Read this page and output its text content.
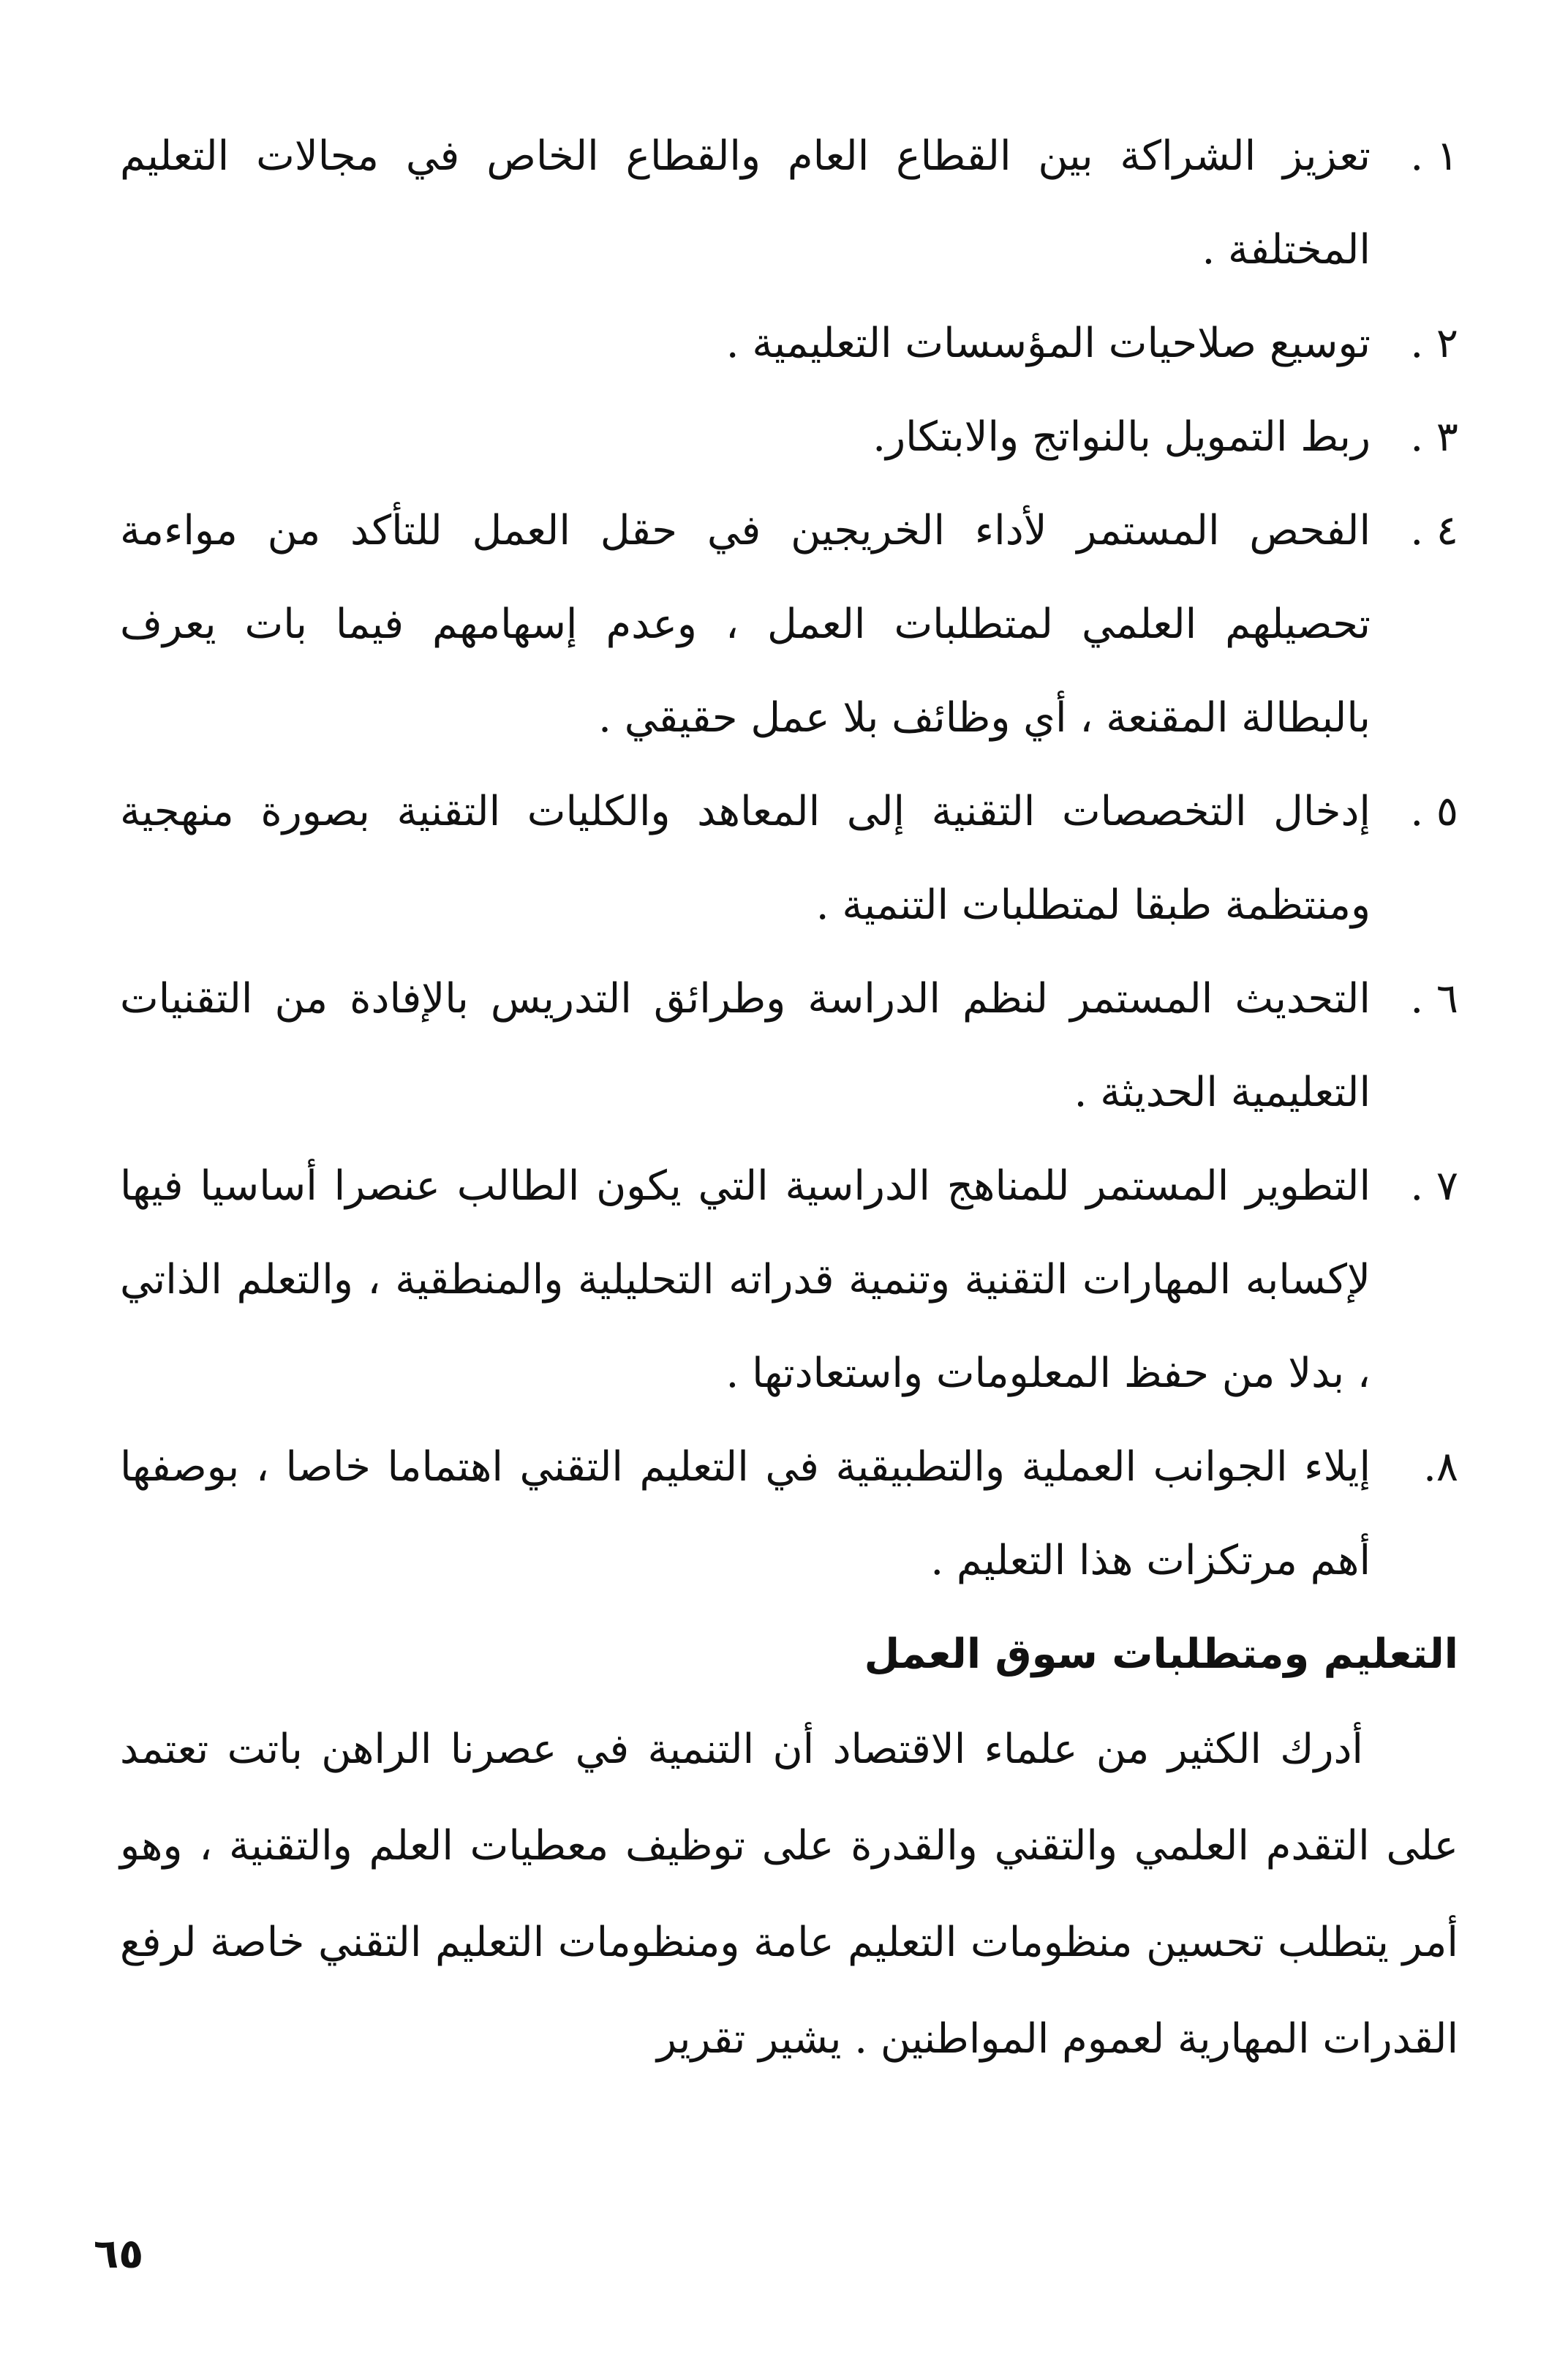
١ .
تعزيز الشراكة بين القطاع العام والقطاع الخاص في مجالات التعليم المختلفة .
٢ .
توسيع صلاحيات المؤسسات التعليمية .
٣ .
ربط التمويل بالنواتج والابتكار.
٤ .
الفحص المستمر لأداء الخريجين في حقل العمل للتأكد من مواءمة تحصيلهم العلمي لمتطلبات العمل ، وعدم إسهامهم فيما بات يعرف بالبطالة المقنعة ، أي وظائف بلا عمل حقيقي .
٥ .
إدخال التخصصات التقنية إلى المعاهد والكليات التقنية بصورة منهجية ومنتظمة طبقا لمتطلبات التنمية .
٦ .
التحديث المستمر لنظم الدراسة وطرائق التدريس بالإفادة من التقنيات التعليمية الحديثة .
٧ .
التطوير المستمر للمناهج الدراسية التي يكون الطالب عنصرا أساسيا فيها لإكسابه المهارات التقنية وتنمية قدراته التحليلية والمنطقية ، والتعلم الذاتي ، بدلا من حفظ المعلومات واستعادتها .
٨.
إيلاء الجوانب العملية والتطبيقية في التعليم التقني اهتماما خاصا ، بوصفها أهم مرتكزات هذا التعليم .
التعليم ومتطلبات سوق العمل

أدرك الكثير من علماء الاقتصاد أن التنمية في عصرنا الراهن باتت تعتمد على التقدم العلمي والتقني والقدرة على توظيف معطيات العلم والتقنية ، وهو أمر يتطلب تحسين منظومات التعليم عامة ومنظومات التعليم التقني خاصة لرفع القدرات المهارية لعموم المواطنين . يشير تقرير

٦٥
